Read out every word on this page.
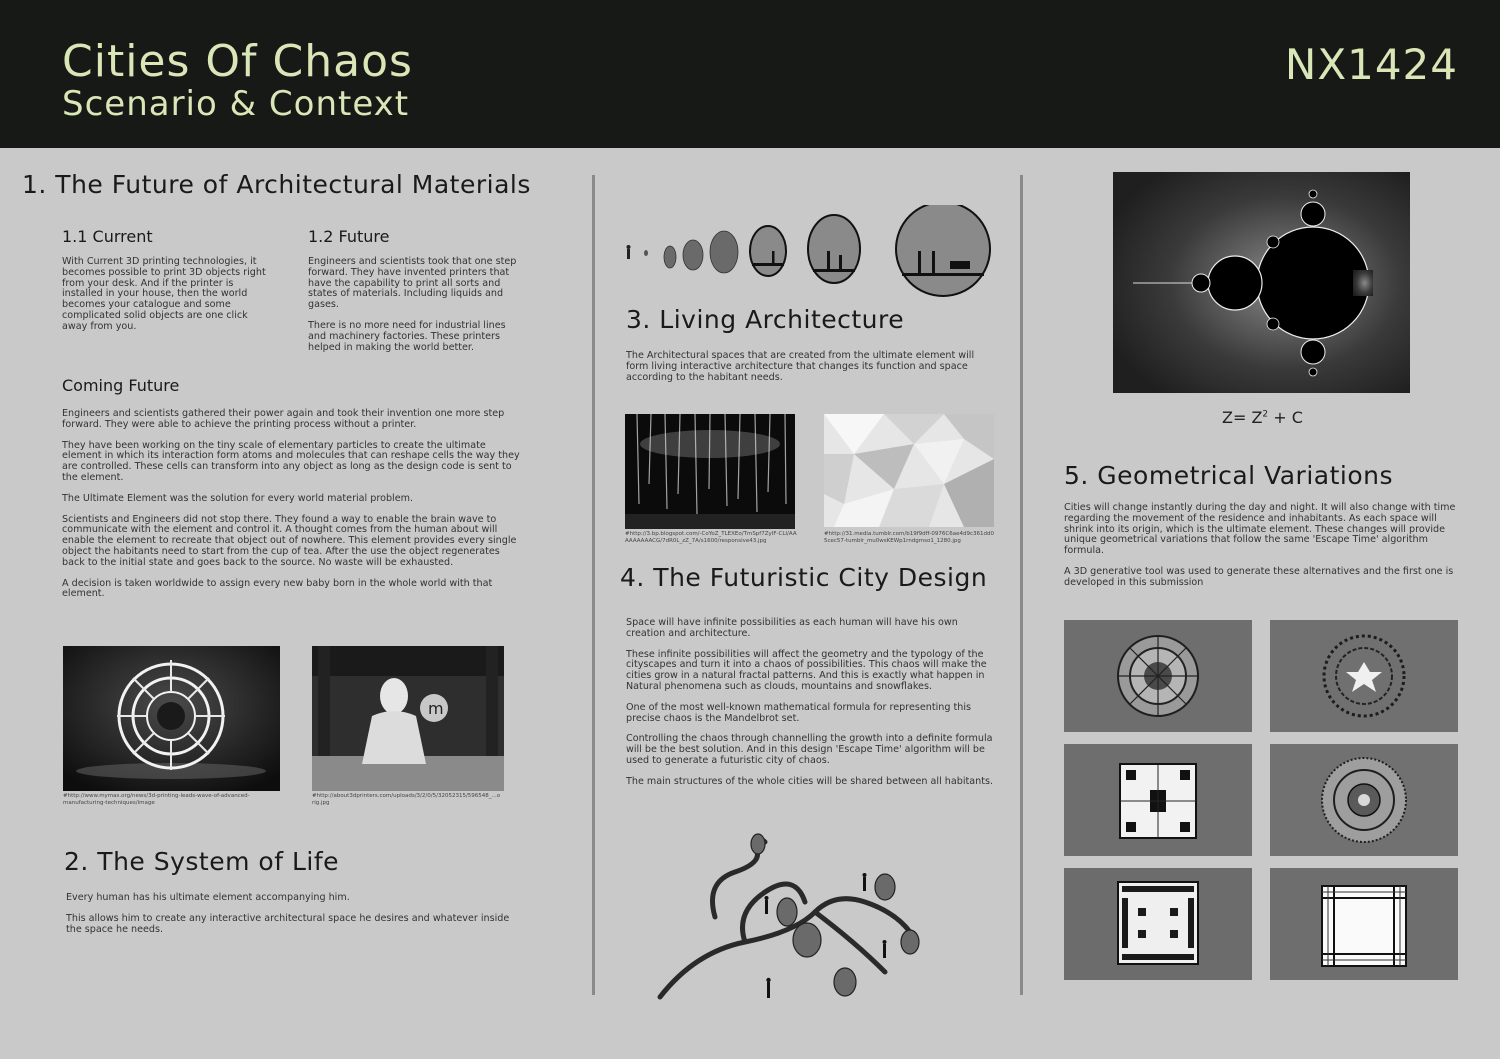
Cities Of Chaos
Scenario & Context
NX1424
1. The Future of Architectural Materials
1.1 Current

With Current 3D printing technologies, it becomes possible to print 3D objects right from your desk. And if the printer is installed in your house, then the world becomes your catalogue and some complicated solid objects are one click away from you.

1.2 Future

Engineers and scientists took that one step forward. They have invented printers that have the capability to print all sorts and states of materials. Including liquids and gases.

There is no more need for industrial lines and machinery factories. These printers helped in making the world better.

Coming Future

Engineers and scientists gathered their power again and took their invention one more step forward. They were able to achieve the printing process without a printer.

They have been working on the tiny scale of elementary particles to create the ultimate element in which its interaction form atoms and molecules that can reshape cells the way they are controlled. These cells can transform into any object as long as the design code is sent to the element.

The Ultimate Element was the solution for every world material problem.

Scientists and Engineers did not stop there. They found a way to enable the brain wave to communicate with the element and control it. A thought comes from the human about will enable the element to recreate that object out of nowhere. This element provides every single object the habitants need to start from the cup of tea. After the use the object regenerates back to the initial state and goes back to the source. No waste will be exhausted.

A decision is taken worldwide to assign every new baby born in the whole world with that element.

#http://www.mymas.org/news/3d-printing-leads-wave-of-advanced-manufacturing-techniques/image
m
#http://about3dprinters.com/uploads/3/2/0/5/32052315/596548_...orig.jpg
2. The System of Life

Every human has his ultimate element accompanying him.

This allows him to create any interactive architectural space he desires and whatever inside the space he needs.

3. Living Architecture

The Architectural spaces that are created from the ultimate element will form living interactive architecture that changes its function and space according to the habitant needs.

#http://3.bp.blogspot.com/-CoYoZ_TLEXEo/TmSpf7ZyIF-CLI/AAAAAAAAACG/7dR0L_zZ_7A/s1600/responsive43.jpg
#http://31.media.tumblr.com/b19f9dff-0976C6ae4d9c361dd05cec57-tumblr_mu0wsKEWp1rndgmso1_1280.jpg
4. The Futuristic City Design

Space will have infinite possibilities as each human will have his own creation and architecture.

These infinite possibilities will affect the geometry and the typology of the cityscapes and turn it into a chaos of possibilities. This chaos will make the cities grow in a natural fractal patterns. And this is exactly what happen in Natural phenomena such as clouds, mountains and snowflakes.

One of the most well-known mathematical formula for representing this precise chaos is the Mandelbrot set.

Controlling the chaos through channelling the growth into a definite formula will be the best solution. And in this design 'Escape Time' algorithm will be used to generate a futuristic city of chaos.

The main structures of the whole cities will be shared between all habitants.

$Z= Z^2 + C$
5. Geometrical Variations

Cities will change instantly during the day and night. It will also change with time regarding the movement of the residence and inhabitants. As each space will shrink into its origin, which is the ultimate element. These changes will provide unique geometrical variations that follow the same 'Escape Time' algorithm formula.

A 3D generative tool was used to generate these alternatives and the first one is developed in this submission
